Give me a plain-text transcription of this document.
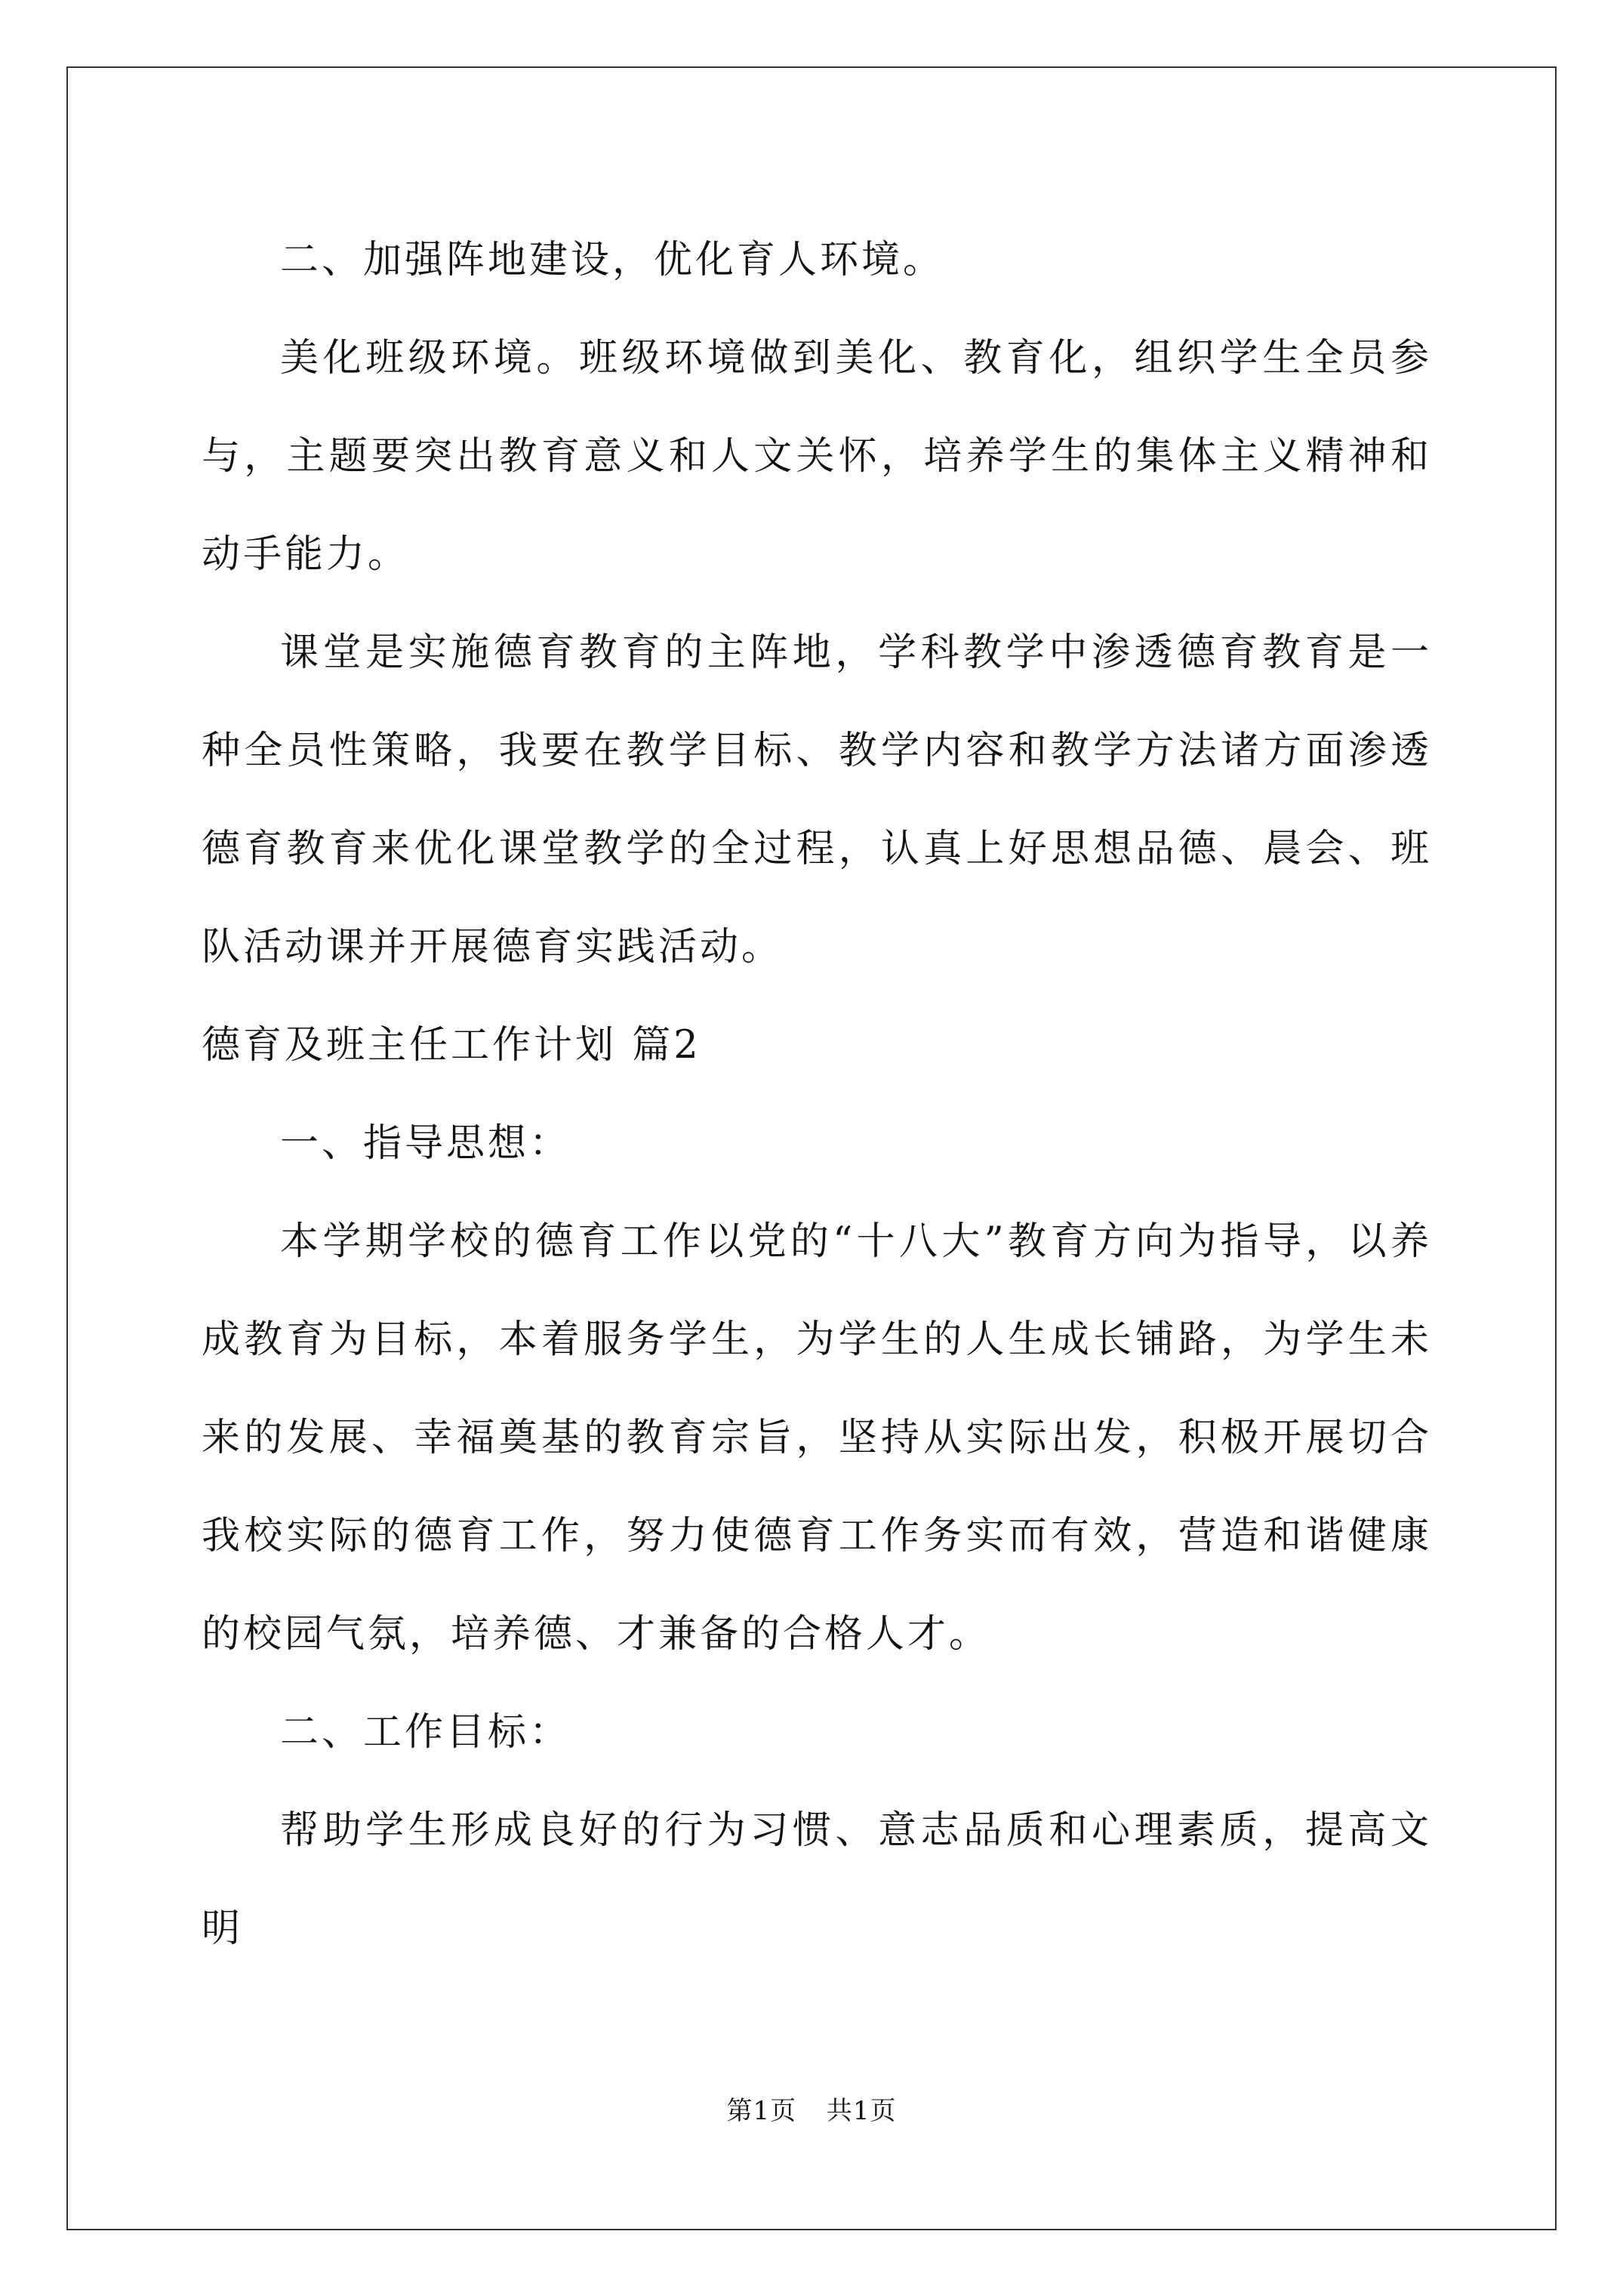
二、加强阵地建设，优化育人环境。

美化班级环境。班级环境做到美化、教育化，组织学生全员参与，主题要突出教育意义和人文关怀，培养学生的集体主义精神和动手能力。

课堂是实施德育教育的主阵地，学科教学中渗透德育教育是一种全员性策略，我要在教学目标、教学内容和教学方法诸方面渗透德育教育来优化课堂教学的全过程，认真上好思想品德、晨会、班队活动课并开展德育实践活动。

德育及班主任工作计划 篇2

一、指导思想：

本学期学校的德育工作以党的“十八大”教育方向为指导，以养成教育为目标，本着服务学生，为学生的人生成长铺路，为学生未来的发展、幸福奠基的教育宗旨，坚持从实际出发，积极开展切合我校实际的德育工作，努力使德育工作务实而有效，营造和谐健康的校园气氛，培养德、才兼备的合格人才。

二、工作目标：

帮助学生形成良好的行为习惯、意志品质和心理素质，提高文明

第1页 共1页
